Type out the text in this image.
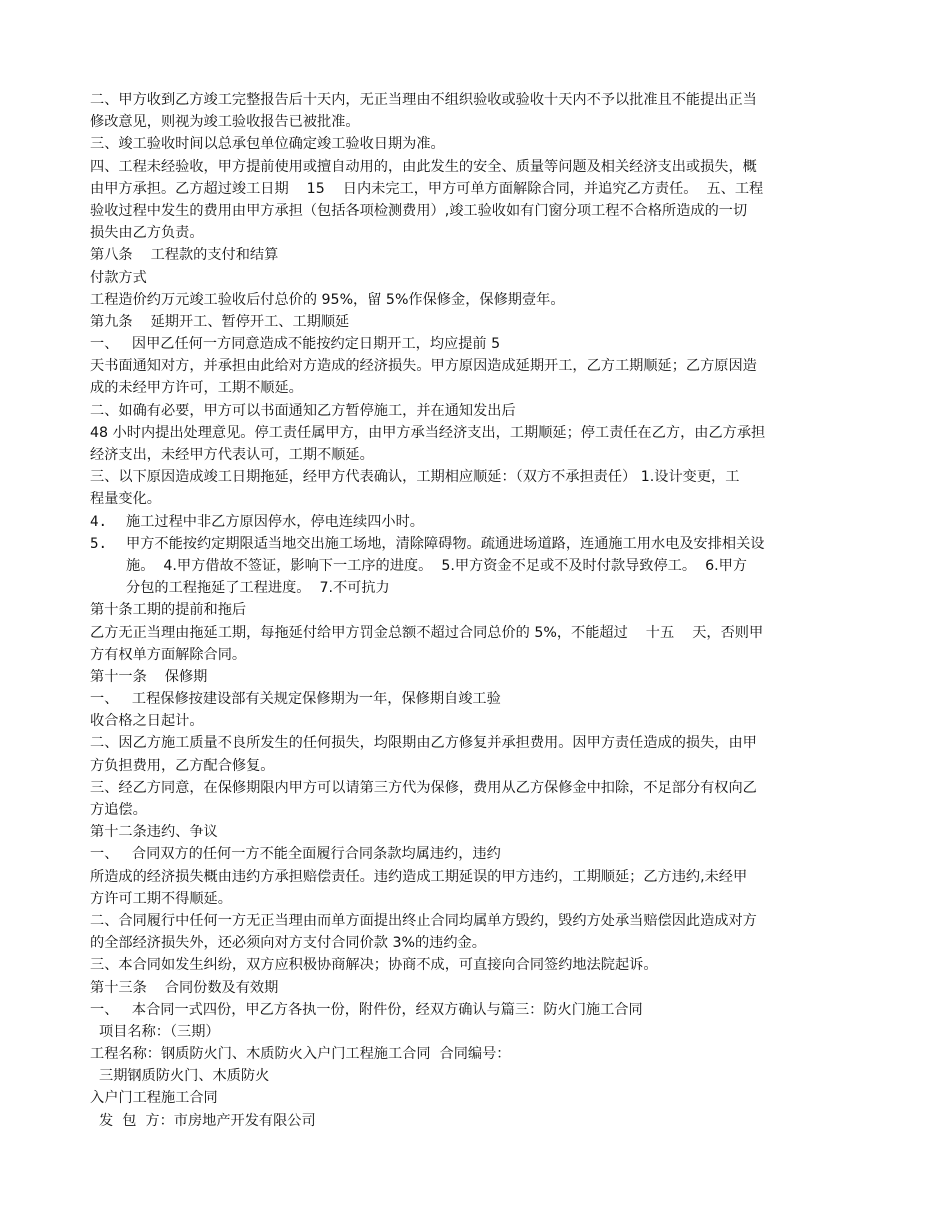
二、甲方收到乙方竣工完整报告后十天内，无正当理由不组织验收或验收十天内不予以批准且不能提出正当
修改意见，则视为竣工验收报告已被批准。
三、竣工验收时间以总承包单位确定竣工验收日期为准。
四、工程未经验收，甲方提前使用或擅自动用的，由此发生的安全、质量等问题及相关经济支出或损失，概
由甲方承担。乙方超过竣工日期    15    日内未完工，甲方可单方面解除合同，并追究乙方责任。  五、工程
验收过程中发生的费用由甲方承担（包括各项检测费用）,竣工验收如有门窗分项工程不合格所造成的一切
损失由乙方负责。
第八条    工程款的支付和结算
付款方式
工程造价约万元竣工验收后付总价的 95%，留 5%作保修金，保修期壹年。
第九条    延期开工、暂停开工、工期顺延
一、   因甲乙任何一方同意造成不能按约定日期开工，均应提前 5
天书面通知对方，并承担由此给对方造成的经济损失。甲方原因造成延期开工，乙方工期顺延；乙方原因造
成的未经甲方许可，工期不顺延。
二、如确有必要，甲方可以书面通知乙方暂停施工，并在通知发出后
48 小时内提出处理意见。停工责任属甲方，由甲方承当经济支出，工期顺延；停工责任在乙方，由乙方承担
经济支出，未经甲方代表认可，工期不顺延。
三、以下原因造成竣工日期拖延，经甲方代表确认，工期相应顺延：（双方不承担责任） 1.设计变更，工
程量变化。
4. 施工过程中非乙方原因停水，停电连续四小时。
5. 甲方不能按约定期限适当地交出施工场地，清除障碍物。疏通进场道路，连通施工用水电及安排相关设
施。  4.甲方借故不签证，影响下一工序的进度。  5.甲方资金不足或不及时付款导致停工。  6.甲方
分包的工程拖延了工程进度。  7.不可抗力
第十条工期的提前和拖后
乙方无正当理由拖延工期，每拖延付给甲方罚金总额不超过合同总价的 5%，不能超过    十五    天，否则甲
方有权单方面解除合同。
第十一条    保修期
一、   工程保修按建设部有关规定保修期为一年，保修期自竣工验
收合格之日起计。
二、因乙方施工质量不良所发生的任何损失，均限期由乙方修复并承担费用。因甲方责任造成的损失，由甲
方负担费用，乙方配合修复。
三、经乙方同意，在保修期限内甲方可以请第三方代为保修，费用从乙方保修金中扣除，不足部分有权向乙
方追偿。
第十二条违约、争议
一、   合同双方的任何一方不能全面履行合同条款均属违约，违约
所造成的经济损失概由违约方承担赔偿责任。违约造成工期延误的甲方违约，工期顺延；乙方违约,未经甲
方许可工期不得顺延。
二、合同履行中任何一方无正当理由而单方面提出终止合同均属单方毁约，毁约方处承当赔偿因此造成对方
的全部经济损失外，还必须向对方支付合同价款 3%的违约金。
三、本合同如发生纠纷，双方应积极协商解决；协商不成，可直接向合同签约地法院起诉。
第十三条    合同份数及有效期
一、   本合同一式四份，甲乙方各执一份，附件份，经双方确认与篇三：防火门施工合同
项目名称：（三期）
工程名称：钢质防火门、木质防火入户门工程施工合同  合同编号：
三期钢质防火门、木质防火
入户门工程施工合同
发  包  方：市房地产开发有限公司
